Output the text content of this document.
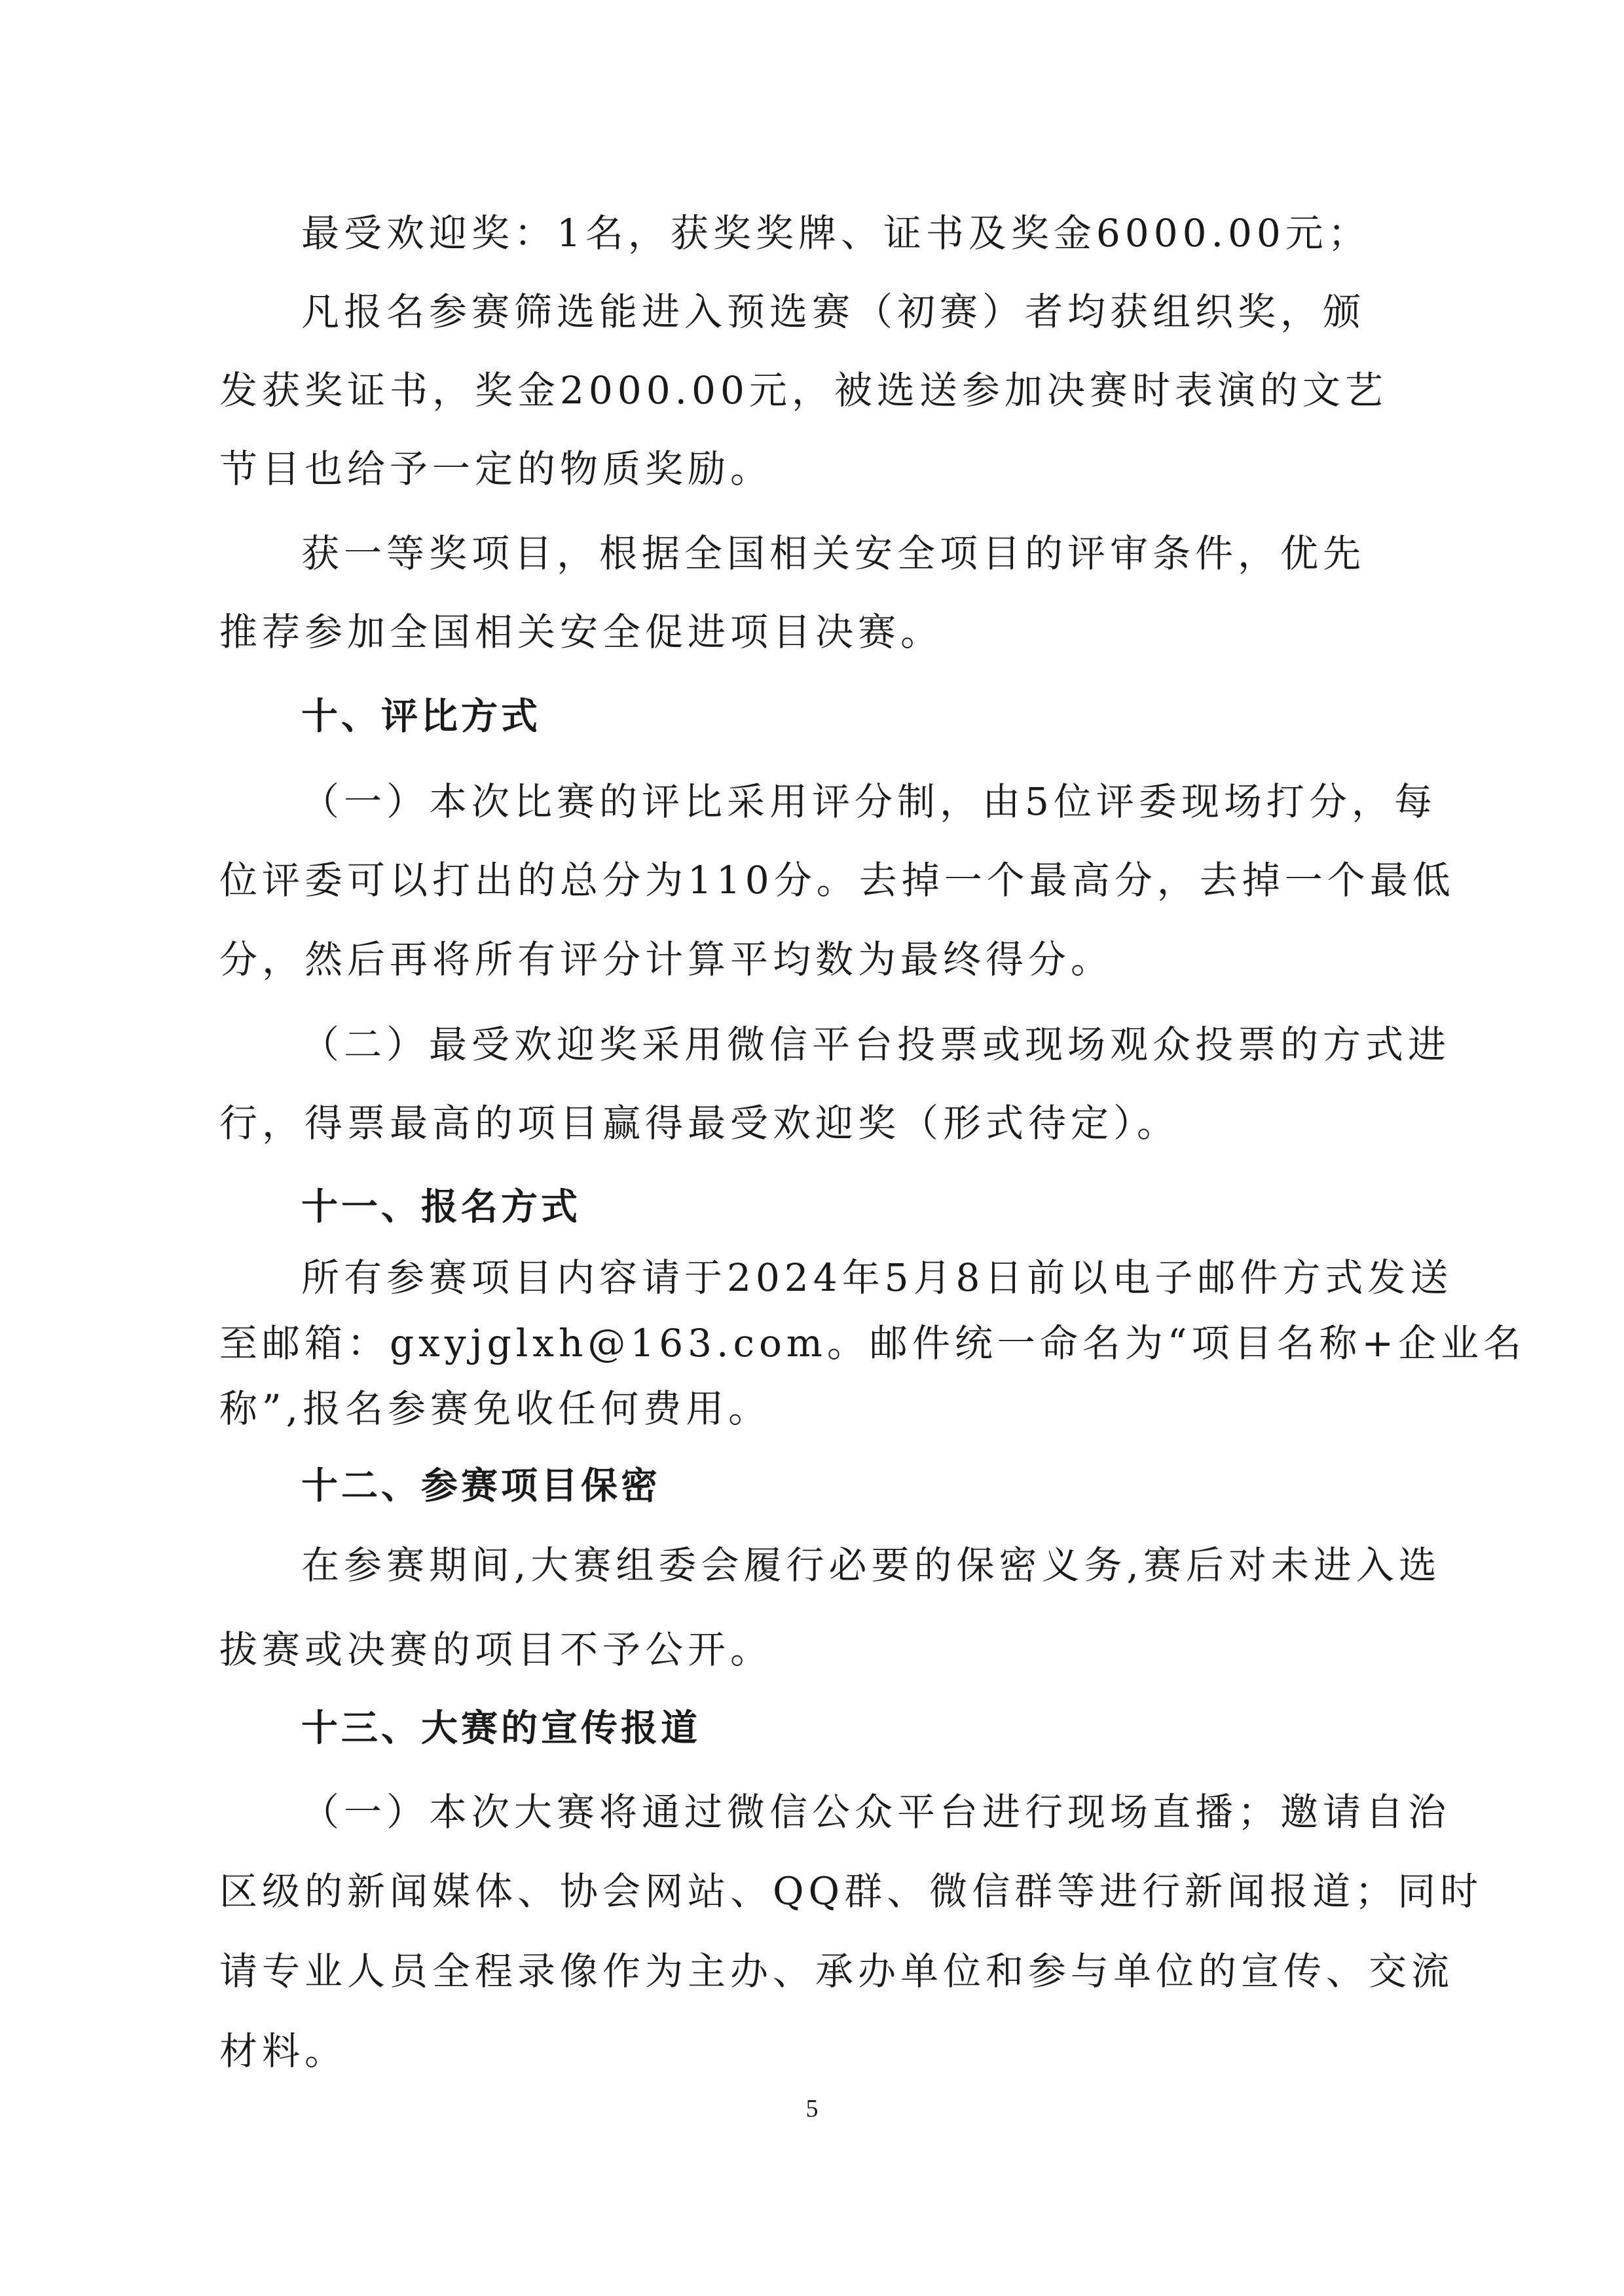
最受欢迎奖：1名，获奖奖牌、证书及奖金6000.00元；
凡报名参赛筛选能进入预选赛（初赛）者均获组织奖，颁
发获奖证书，奖金2000.00元，被选送参加决赛时表演的文艺
节目也给予一定的物质奖励。
获一等奖项目，根据全国相关安全项目的评审条件，优先
推荐参加全国相关安全促进项目决赛。
十、评比方式
（一）本次比赛的评比采用评分制，由5位评委现场打分，每
位评委可以打出的总分为110分。去掉一个最高分，去掉一个最低
分，然后再将所有评分计算平均数为最终得分。
（二）最受欢迎奖采用微信平台投票或现场观众投票的方式进
行，得票最高的项目赢得最受欢迎奖（形式待定）。
十一、报名方式
所有参赛项目内容请于2024年5月8日前以电子邮件方式发送
至邮箱：gxyjglxh@163.com。邮件统一命名为“项目名称+企业名
称”,报名参赛免收任何费用。
十二、参赛项目保密
在参赛期间,大赛组委会履行必要的保密义务,赛后对未进入选
拔赛或决赛的项目不予公开。
十三、大赛的宣传报道
（一）本次大赛将通过微信公众平台进行现场直播；邀请自治
区级的新闻媒体、协会网站、QQ群、微信群等进行新闻报道；同时
请专业人员全程录像作为主办、承办单位和参与单位的宣传、交流
材料。
5
